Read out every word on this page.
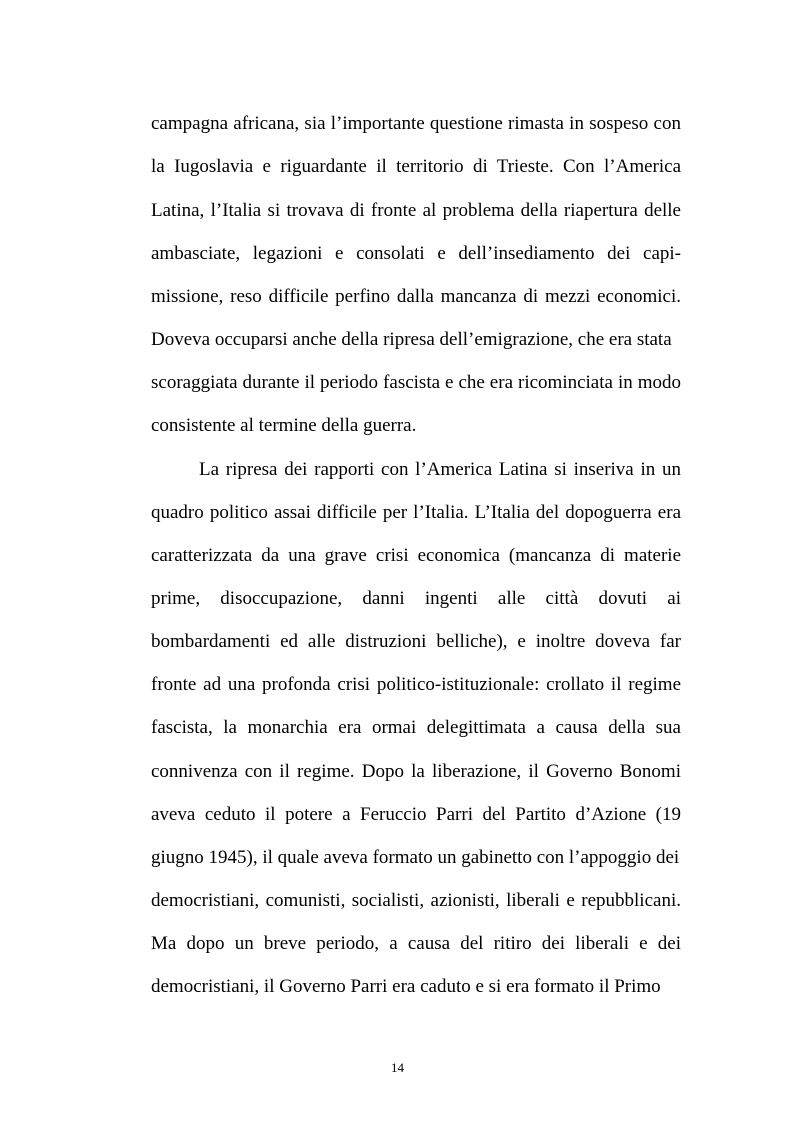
campagna africana, sia l’importante questione rimasta in sospeso con
la Iugoslavia e riguardante il territorio di Trieste. Con l’America
Latina, l’Italia si trovava di fronte al problema della riapertura delle
ambasciate, legazioni e consolati e dell’insediamento dei capi-
missione, reso difficile perfino dalla mancanza di mezzi economici.
Doveva occuparsi anche della ripresa dell’emigrazione, che era stata
scoraggiata durante il periodo fascista e che era ricominciata in modo
consistente al termine della guerra.
La ripresa dei rapporti con l’America Latina si inseriva in un
quadro politico assai difficile per l’Italia. L’Italia del dopoguerra era
caratterizzata da una grave crisi economica (mancanza di materie
prime, disoccupazione, danni ingenti alle città dovuti ai
bombardamenti ed alle distruzioni belliche), e inoltre doveva far
fronte ad una profonda crisi politico-istituzionale: crollato il regime
fascista, la monarchia era ormai delegittimata a causa della sua
connivenza con il regime. Dopo la liberazione, il Governo Bonomi
aveva ceduto il potere a Feruccio Parri del Partito d’Azione (19
giugno 1945), il quale aveva formato un gabinetto con l’appoggio dei
democristiani, comunisti, socialisti, azionisti, liberali e repubblicani.
Ma dopo un breve periodo, a causa del ritiro dei liberali e dei
democristiani, il Governo Parri era caduto e si era formato il Primo
14
